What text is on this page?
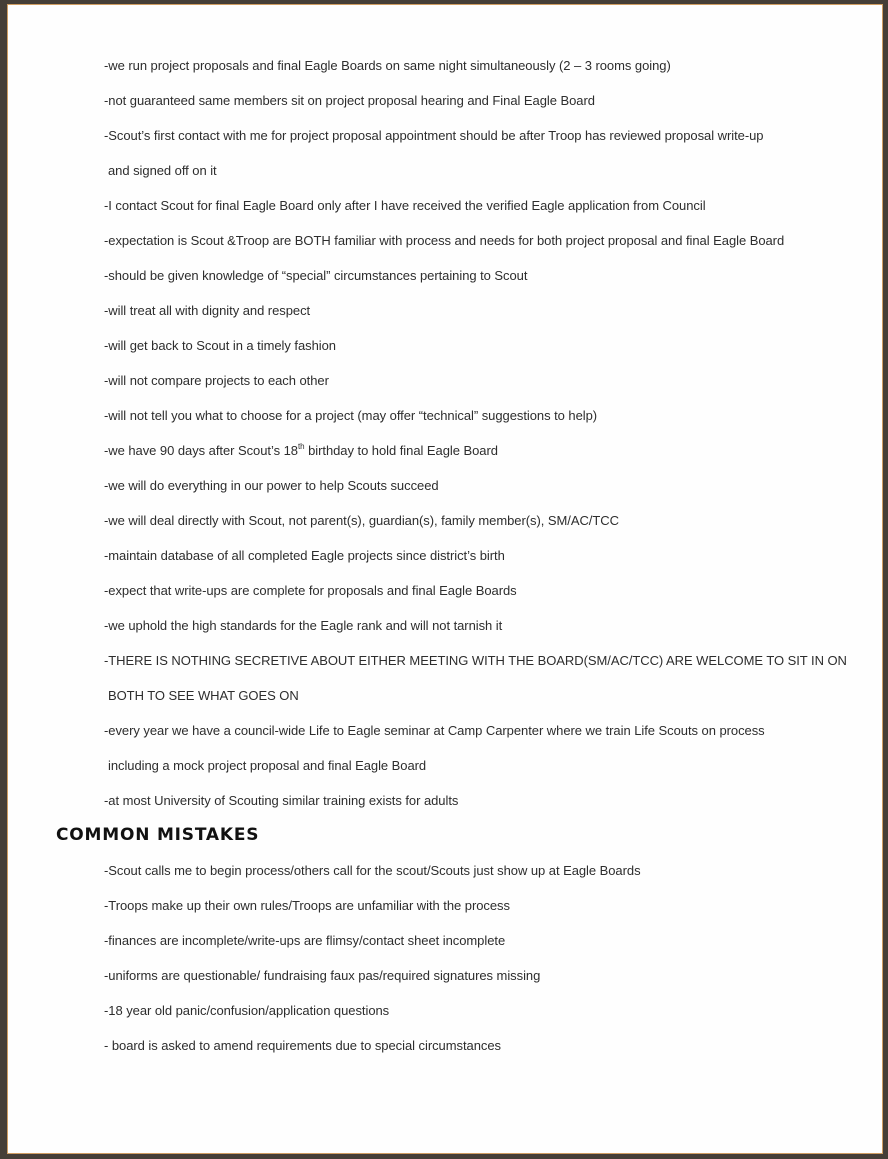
-we run project proposals and final Eagle Boards on same night simultaneously (2 – 3 rooms going)
-not guaranteed same members sit on project proposal hearing and Final Eagle Board
-Scout’s first contact with me for project proposal appointment should be after Troop has reviewed proposal write-up
and signed off on it
-I contact Scout for final Eagle Board only after I have received the verified Eagle application from Council
-expectation is Scout &Troop are BOTH familiar with process and needs for both project proposal and final Eagle Board
-should be given knowledge of “special” circumstances pertaining to Scout
-will treat all with dignity and respect
-will get back to Scout in a timely fashion
-will not compare projects to each other
-will not tell you what to choose for a project (may offer “technical” suggestions to help)
-we have 90 days after Scout’s 18th birthday to hold final Eagle Board
-we will do everything in our power to help Scouts succeed
-we will deal directly with Scout, not parent(s), guardian(s), family member(s), SM/AC/TCC
-maintain database of all completed Eagle projects since district’s birth
-expect that write-ups are complete for proposals and final Eagle Boards
-we uphold the high standards for the Eagle rank and will not tarnish it
-THERE IS NOTHING SECRETIVE ABOUT EITHER MEETING WITH THE BOARD(SM/AC/TCC) ARE WELCOME TO SIT IN ON
BOTH TO SEE WHAT GOES ON
-every year we have a council-wide Life to Eagle seminar at Camp Carpenter where we train Life Scouts on process
including a mock project proposal and final Eagle Board
-at most University of Scouting similar training exists for adults
COMMON MISTAKES
-Scout calls me to begin process/others call for the scout/Scouts just show up at Eagle Boards
-Troops make up their own rules/Troops are unfamiliar with the process
-finances are incomplete/write-ups are flimsy/contact sheet incomplete
-uniforms are questionable/ fundraising faux pas/required signatures missing
-18 year old panic/confusion/application questions
- board is asked to amend requirements due to special circumstances
